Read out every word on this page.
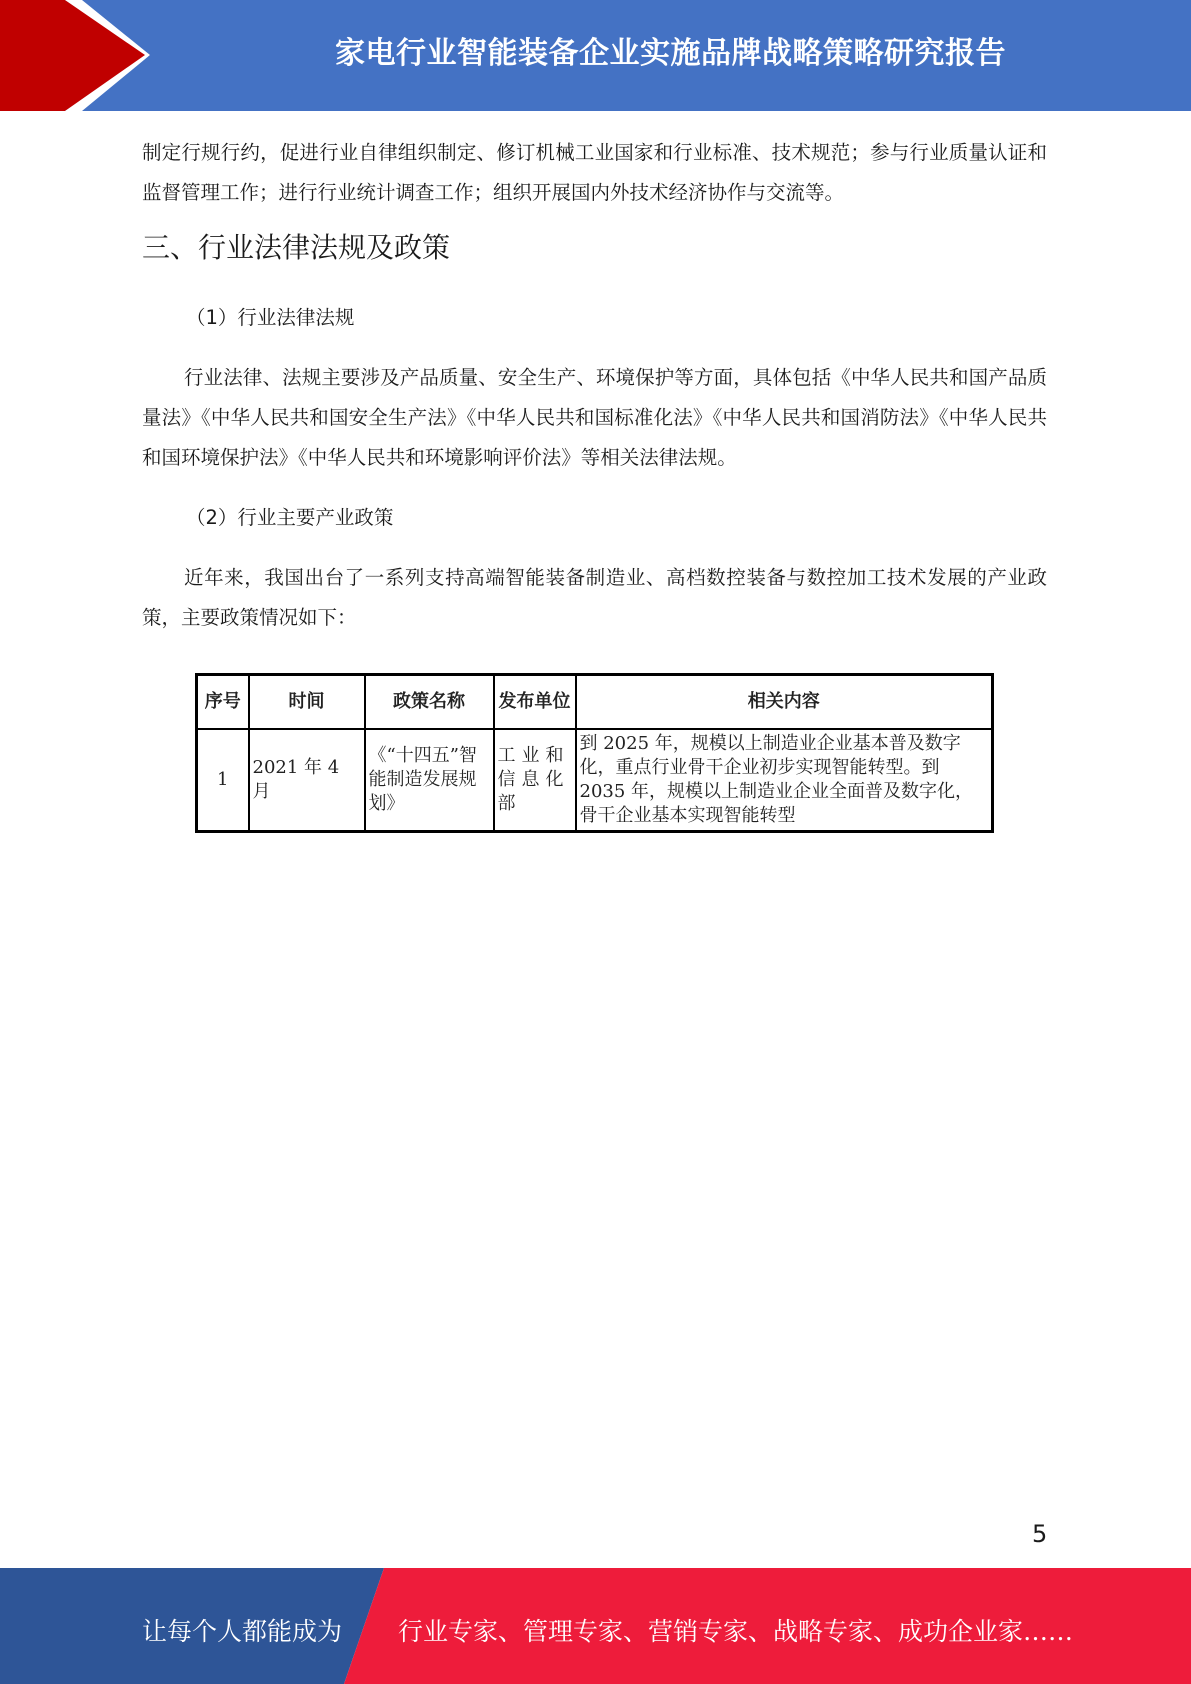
家电行业智能装备企业实施品牌战略策略研究报告

制定行规行约，促进行业自律组织制定、修订机械工业国家和行业标准、技术规范；参与行业质量认证和监督管理工作；进行行业统计调查工作；组织开展国内外技术经济协作与交流等。

三、行业法律法规及政策

（1）行业法律法规

行业法律、法规主要涉及产品质量、安全生产、环境保护等方面，具体包括《中华人民共和国产品质量法》《中华人民共和国安全生产法》《中华人民共和国标准化法》《中华人民共和国消防法》《中华人民共和国环境保护法》《中华人民共和环境影响评价法》等相关法律法规。

（2）行业主要产业政策

近年来，我国出台了一系列支持高端智能装备制造业、高档数控装备与数控加工技术发展的产业政策，主要政策情况如下：

序号	时间	政策名称	发布单位	相关内容
1	2021 年 4 月	《“十四五”智能制造发展规划》	工业和信息化部	到 2025 年，规模以上制造业企业基本普及数字化，重点行业骨干企业初步实现智能转型。到 2035 年，规模以上制造业企业全面普及数字化，骨干企业基本实现智能转型
5
让每个人都能成为 行业专家、管理专家、营销专家、战略专家、成功企业家……
